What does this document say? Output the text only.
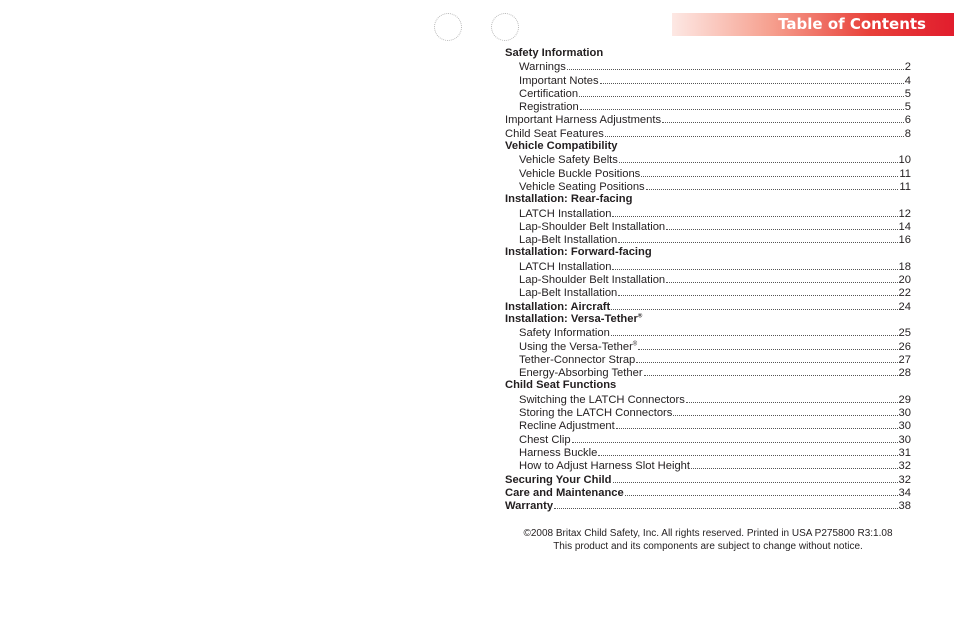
Table of Contents
Safety Information
Warnings	2
Important Notes	4
Certification	5
Registration	5
Important Harness Adjustments	6
Child Seat Features	8
Vehicle Compatibility
Vehicle Safety Belts	10
Vehicle Buckle Positions	11
Vehicle Seating Positions	11
Installation: Rear-facing
LATCH Installation	12
Lap-Shoulder Belt Installation	14
Lap-Belt Installation	16
Installation: Forward-facing
LATCH Installation	18
Lap-Shoulder Belt Installation	20
Lap-Belt Installation	22
Installation: Aircraft	24
Installation: Versa-Tether®
Safety Information	25
Using the Versa-Tether®	26
Tether-Connector Strap	27
Energy-Absorbing Tether	28
Child Seat Functions
Switching the LATCH Connectors	29
Storing the LATCH Connectors	30
Recline Adjustment	30
Chest Clip	30
Harness Buckle	31
How to Adjust Harness Slot Height	32
Securing Your Child	32
Care and Maintenance	34
Warranty	38
©2008 Britax Child Safety, Inc. All rights reserved. Printed in USA P275800 R3:1.08
This product and its components are subject to change without notice.
